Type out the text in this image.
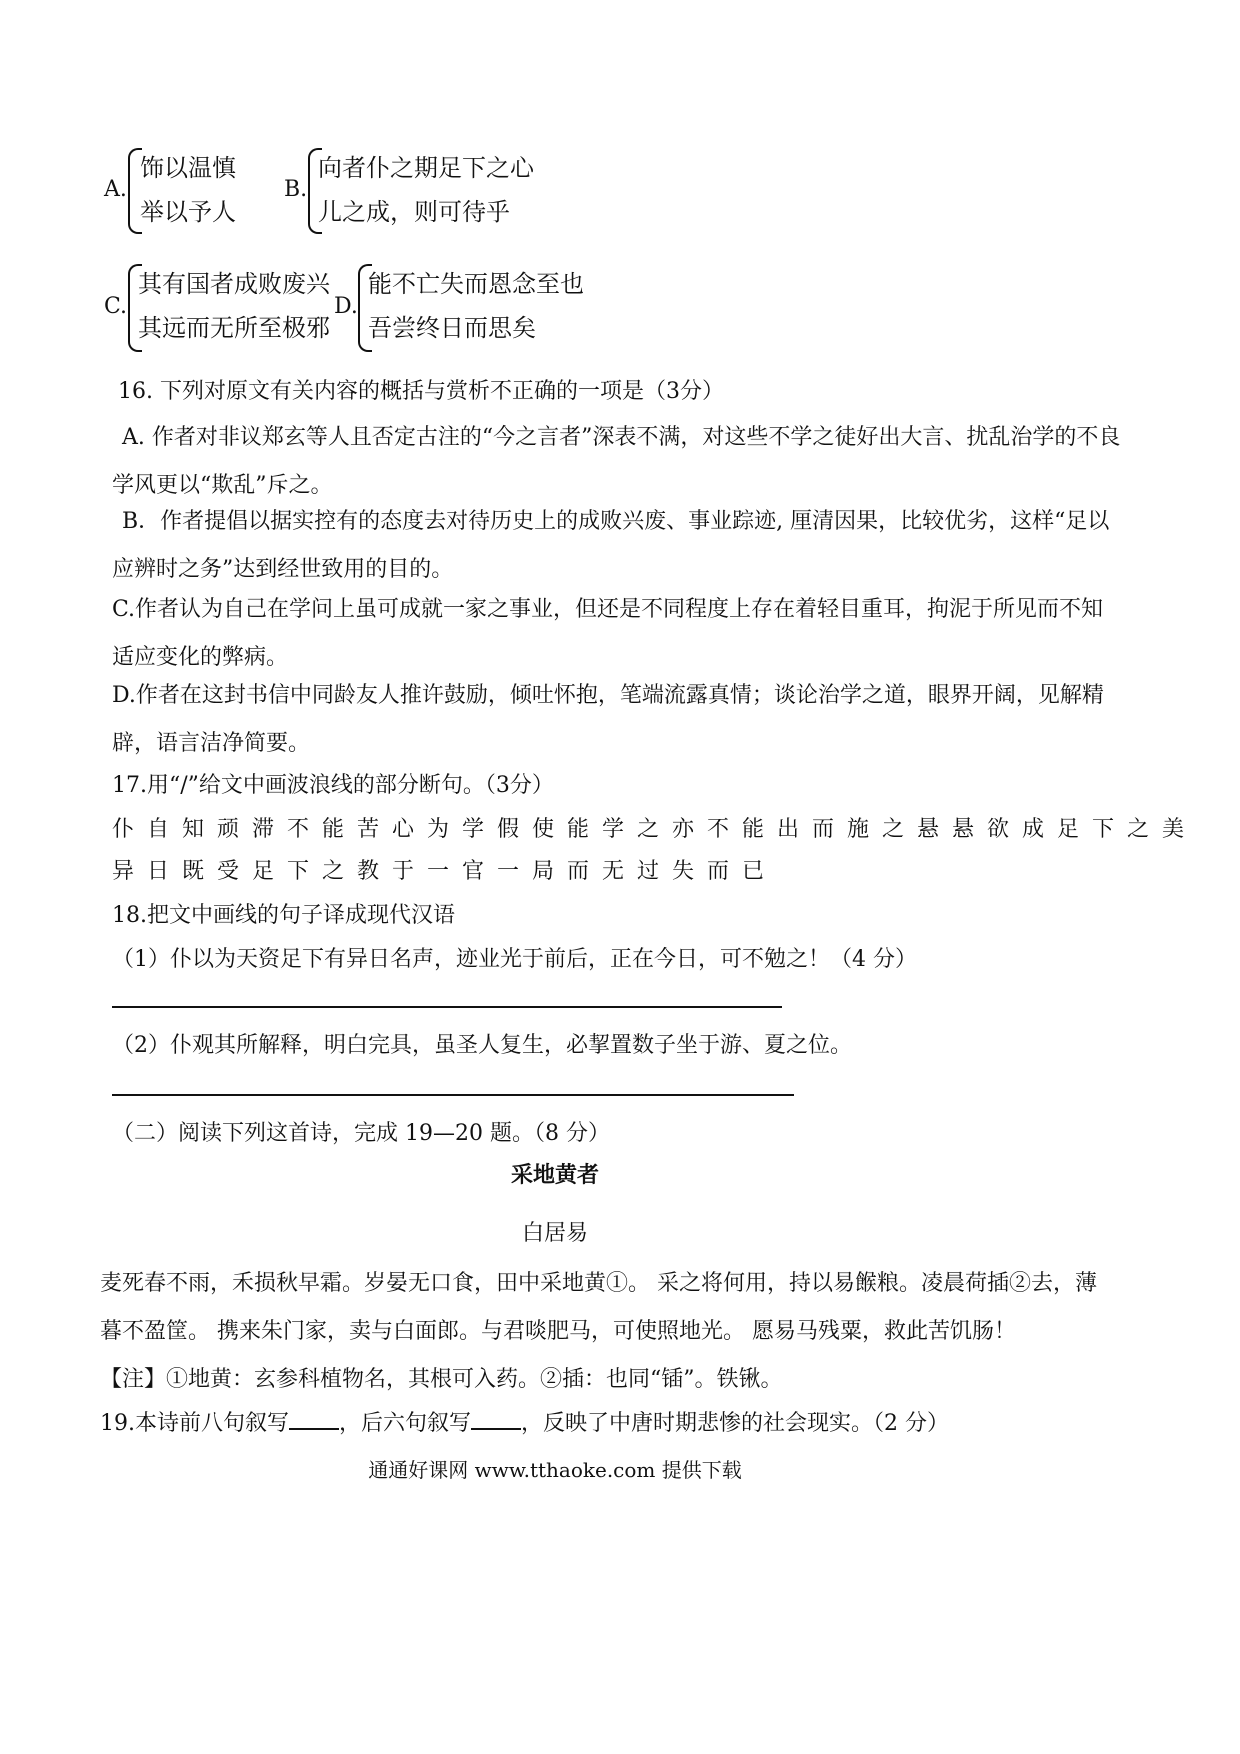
A.
饰以温慎
举以予人
B.
向者仆之期足下之心
儿之成，则可待乎
C.
其有国者成败废兴
其远而无所至极邪
D.
能不亡失而恩念至也
吾尝终日而思矣
16. 下列对原文有关内容的概括与赏析不正确的一项是（3分）
A. 作者对非议郑玄等人且否定古注的“今之言者”深表不满，对这些不学之徒好出大言、扰乱治学的不良学风更以“欺乱”斥之。
B．作者提倡以据实控有的态度去对待历史上的成败兴废、事业踪迹, 厘清因果，比较优劣，这样“足以应辨时之务”达到经世致用的目的。
C.作者认为自己在学问上虽可成就一家之事业，但还是不同程度上存在着轻目重耳，拘泥于所见而不知适应变化的弊病。
D.作者在这封书信中同龄友人推许鼓励，倾吐怀抱，笔端流露真情；谈论治学之道，眼界开阔，见解精辟，语言洁净简要。
17.用“/”给文中画波浪线的部分断句。（3分）
仆自知顽滞不能苦心为学假使能学之亦不能出而施之悬悬欲成足下之美
异日既受足下之教于一官一局而无过失而已
18.把文中画线的句子译成现代汉语
（1）仆以为天资足下有异日名声，迹业光于前后，正在今日，可不勉之！（4 分）
（2）仆观其所解释，明白完具，虽圣人复生，必挈置数子坐于游、夏之位。
（二）阅读下列这首诗，完成 19—20 题。（8 分）
采地黄者
白居易
麦死春不雨，禾损秋早霜。岁晏无口食，田中采地黄①。 采之将何用，持以易餱粮。凌晨荷插②去，薄暮不盈筐。 携来朱门家，卖与白面郎。与君啖肥马，可使照地光。 愿易马残粟，救此苦饥肠！
【注】①地黄：玄参科植物名，其根可入药。②插：也同“锸”。铁锹。
19.本诗前八句叙写 ，后六句叙写 ，反映了中唐时期悲惨的社会现实。（2 分）
通通好课网 www.tthaoke.com 提供下载
